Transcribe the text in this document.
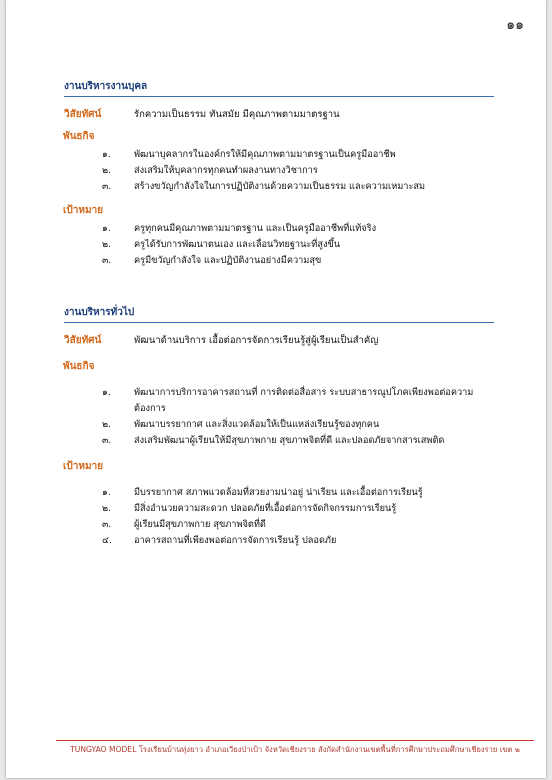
๑๑
งานบริหารงานบุคล
วิสัยทัศน์	รักความเป็นธรรม ทันสมัย มีคุณภาพตามมาตรฐาน
พันธกิจ
๑.	พัฒนาบุคลากรในองค์กรให้มีคุณภาพตามมาตรฐานเป็นครูมืออาชีพ
๒.	ส่งเสริมให้บุคลากรทุกคนทำผลงานทางวิชาการ
๓.	สร้างขวัญกำลังใจในการปฏิบัติงานด้วยความเป็นธรรม และความเหมาะสม
เป้าหมาย
๑.	ครูทุกคนมีคุณภาพตามมาตรฐาน และเป็นครูมืออาชีพที่แท้จริง
๒.	ครูได้รับการพัฒนาตนเอง และเลื่อนวิทยฐานะที่สูงขึ้น
๓.	ครูมีขวัญกำลังใจ และปฏิบัติงานอย่างมีความสุข
งานบริหารทั่วไป
วิสัยทัศน์	พัฒนาด้านบริการ เอื้อต่อการจัดการเรียนรู้สู่ผู้เรียนเป็นสำคัญ
พันธกิจ
๑.	พัฒนาการบริการอาคารสถานที่ การติดต่อสื่อสาร ระบบสาธารณูปโภคเพียงพอต่อความต้องการ
๒.	พัฒนาบรรยากาศ และสิ่งแวดล้อมให้เป็นแหล่งเรียนรู้ของทุกคน
๓.	ส่งเสริมพัฒนาผู้เรียนให้มีสุขภาพกาย สุขภาพจิตที่ดี และปลอดภัยจากสารเสพติด
เป้าหมาย
๑.	มีบรรยากาศ สภาพแวดล้อมที่สวยงามน่าอยู่ น่าเรียน และเอื้อต่อการเรียนรู้
๒.	มีสิ่งอำนวยความสะดวก ปลอดภัยที่เอื้อต่อการจัดกิจกรรมการเรียนรู้
๓.	ผู้เรียนมีสุขภาพกาย สุขภาพจิตที่ดี
๔.	อาคารสถานที่เพียงพอต่อการจัดการเรียนรู้ ปลอดภัย
TUNGYAO MODEL โรงเรียนบ้านทุ่งยาว อำเภอเวียงป่าเป้า จังหวัดเชียงราย สังกัดสำนักงานเขตพื้นที่การศึกษาประถมศึกษาเชียงราย เขต ๒
